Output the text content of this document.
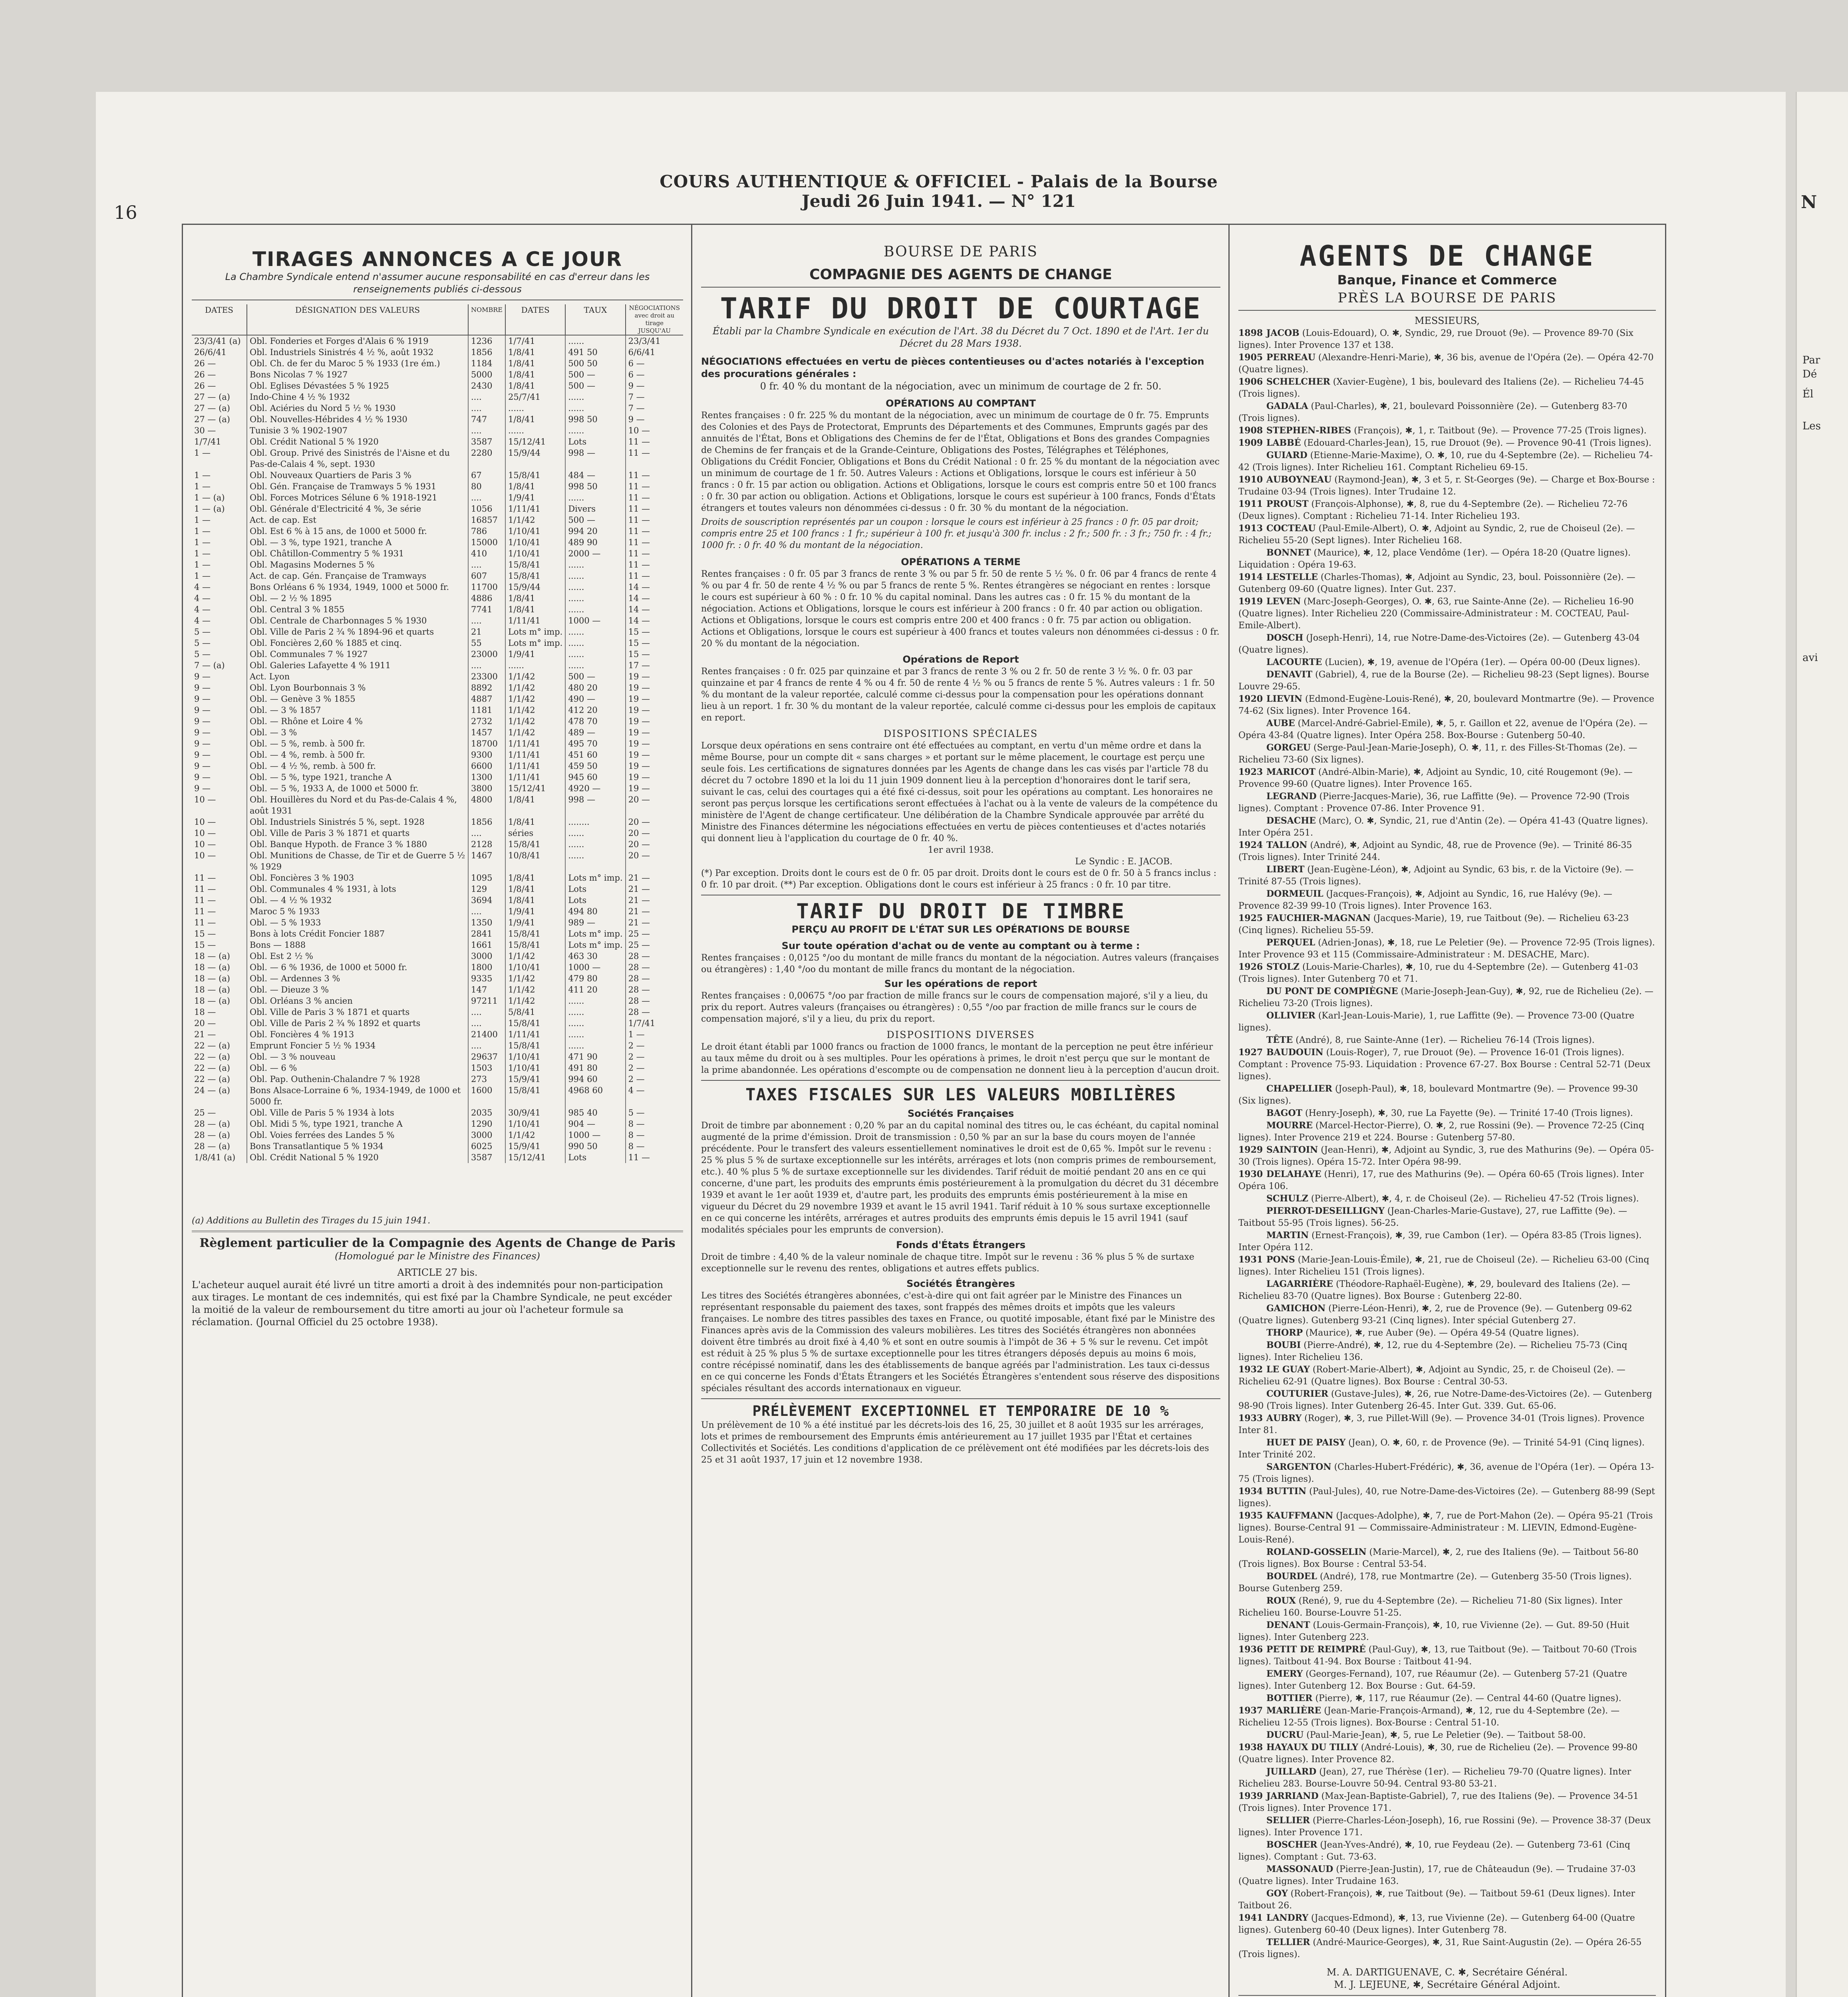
N
Par
Dé
Él
Les
avi
16
COURS AUTHENTIQUE & OFFICIEL - Palais de la Bourse
Jeudi 26 Juin 1941. — N° 121
TIRAGES ANNONCES A CE JOUR
La Chambre Syndicale entend n'assumer aucune responsabilité en cas d'erreur dans les renseignements publiés ci-dessous
DATES	DÉSIGNATION DES VALEURS	NOMBRE	DATES	TAUX	NÉGOCIATIONS avec droit au tirage JUSQU'AU
23/3/41 (a)	Obl. Fonderies et Forges d'Alais 6 % 1919	1236	1/7/41	......	23/3/41
26/6/41	Obl. Industriels Sinistrés 4 ½ %, août 1932	1856	1/8/41	491 50	6/6/41
26 —	Obl. Ch. de fer du Maroc 5 % 1933 (1re ém.)	1184	1/8/41	500 50	6 —
26 —	Bons Nicolas 7 % 1927	5000	1/8/41	500 —	6 —
26 —	Obl. Eglises Dévastées 5 % 1925	2430	1/8/41	500 —	9 —
27 — (a)	Indo-Chine 4 ½ % 1932	....	25/7/41	......	7 —
27 — (a)	Obl. Aciéries du Nord 5 ½ % 1930	....	......	......	7 —
27 — (a)	Obl. Nouvelles-Hébrides 4 ½ % 1930	747	1/8/41	998 50	9 —
30 —	Tunisie 3 % 1902-1907	....	......	......	10 —
1/7/41	Obl. Crédit National 5 % 1920	3587	15/12/41	Lots	11 —
1 —	Obl. Group. Privé des Sinistrés de l'Aisne et du Pas-de-Calais 4 %, sept. 1930	2280	15/9/44	998 —	11 —
1 —	Obl. Nouveaux Quartiers de Paris 3 %	67	15/8/41	484 —	11 —
1 —	Obl. Gén. Française de Tramways 5 % 1931	80	1/8/41	998 50	11 —
1 — (a)	Obl. Forces Motrices Sélune 6 % 1918-1921	....	1/9/41	......	11 —
1 — (a)	Obl. Générale d'Electricité 4 %, 3e série	1056	1/11/41	Divers	11 —
1 —	Act. de cap. Est	16857	1/1/42	500 —	11 —
1 —	Obl. Est 6 % à 15 ans, de 1000 et 5000 fr.	786	1/10/41	994 20	11 —
1 —	Obl. — 3 %, type 1921, tranche A	15000	1/10/41	489 90	11 —
1 —	Obl. Châtillon-Commentry 5 % 1931	410	1/10/41	2000 —	11 —
1 —	Obl. Magasins Modernes 5 %	....	15/8/41	......	11 —
1 —	Act. de cap. Gén. Française de Tramways	607	15/8/41	......	11 —
4 —	Bons Orléans 6 % 1934, 1949, 1000 et 5000 fr.	11700	15/9/44	......	14 —
4 —	Obl. — 2 ½ % 1895	4886	1/8/41	......	14 —
4 —	Obl. Central 3 % 1855	7741	1/8/41	......	14 —
4 —	Obl. Centrale de Charbonnages 5 % 1930	....	1/11/41	1000 —	14 —
5 —	Obl. Ville de Paris 2 ¾ % 1894-96 et quarts	21	Lots m° imp.	......	15 —
5 —	Obl. Foncières 2,60 % 1885 et cinq.	55	Lots m° imp.	......	15 —
5 —	Obl. Communales 7 % 1927	23000	1/9/41	......	15 —
7 — (a)	Obl. Galeries Lafayette 4 % 1911	....	......	......	17 —
9 —	Act. Lyon	23300	1/1/42	500 —	19 —
9 —	Obl. Lyon Bourbonnais 3 %	8892	1/1/42	480 20	19 —
9 —	Obl. — Genève 3 % 1855	4887	1/1/42	490 —	19 —
9 —	Obl. — 3 % 1857	1181	1/1/42	412 20	19 —
9 —	Obl. — Rhône et Loire 4 %	2732	1/1/42	478 70	19 —
9 —	Obl. — 3 %	1457	1/1/42	489 —	19 —
9 —	Obl. — 5 %, remb. à 500 fr.	18700	1/11/41	495 70	19 —
9 —	Obl. — 4 %, remb. à 500 fr.	9300	1/11/41	451 60	19 —
9 —	Obl. — 4 ½ %, remb. à 500 fr.	6600	1/11/41	459 50	19 —
9 —	Obl. — 5 %, type 1921, tranche A	1300	1/11/41	945 60	19 —
9 —	Obl. — 5 %, 1933 A, de 1000 et 5000 fr.	3800	15/12/41	4920 —	19 —
10 —	Obl. Houillères du Nord et du Pas-de-Calais 4 %, août 1931	4800	1/8/41	998 —	20 —
10 —	Obl. Industriels Sinistrés 5 %, sept. 1928	1856	1/8/41	........	20 —
10 —	Obl. Ville de Paris 3 % 1871 et quarts	....	séries	......	20 —
10 —	Obl. Banque Hypoth. de France 3 % 1880	2128	15/8/41	......	20 —
10 —	Obl. Munitions de Chasse, de Tir et de Guerre 5 ½ % 1929	1467	10/8/41	......	20 —
11 —	Obl. Foncières 3 % 1903	1095	1/8/41	Lots m° imp.	21 —
11 —	Obl. Communales 4 % 1931, à lots	129	1/8/41	Lots	21 —
11 —	Obl. — 4 ½ % 1932	3694	1/8/41	Lots	21 —
11 —	Maroc 5 % 1933	....	1/9/41	494 80	21 —
11 —	Obl. — 5 % 1933	1350	1/9/41	989 —	21 —
15 —	Bons à lots Crédit Foncier 1887	2841	15/8/41	Lots m° imp.	25 —
15 —	Bons — 1888	1661	15/8/41	Lots m° imp.	25 —
18 — (a)	Obl. Est 2 ½ %	3000	1/1/42	463 30	28 —
18 — (a)	Obl. — 6 % 1936, de 1000 et 5000 fr.	1800	1/10/41	1000 —	28 —
18 — (a)	Obl. — Ardennes 3 %	9335	1/1/42	479 80	28 —
18 — (a)	Obl. — Dieuze 3 %	147	1/1/42	411 20	28 —
18 — (a)	Obl. Orléans 3 % ancien	97211	1/1/42	......	28 —
18 —	Obl. Ville de Paris 3 % 1871 et quarts	....	5/8/41	......	28 —
20 —	Obl. Ville de Paris 2 ¾ % 1892 et quarts	....	15/8/41	......	1/7/41
21 —	Obl. Foncières 4 % 1913	21400	1/11/41	......	1 —
22 — (a)	Emprunt Foncier 5 ½ % 1934	....	15/8/41	......	2 —
22 — (a)	Obl. — 3 % nouveau	29637	1/10/41	471 90	2 —
22 — (a)	Obl. — 6 %	1503	1/10/41	491 80	2 —
22 — (a)	Obl. Pap. Outhenin-Chalandre 7 % 1928	273	15/9/41	994 60	2 —
24 — (a)	Bons Alsace-Lorraine 6 %, 1934-1949, de 1000 et 5000 fr.	1600	15/8/41	4968 60	4 —
25 —	Obl. Ville de Paris 5 % 1934 à lots	2035	30/9/41	985 40	5 —
28 — (a)	Obl. Midi 5 %, type 1921, tranche A	1290	1/10/41	904 —	8 —
28 — (a)	Obl. Voies ferrées des Landes 5 %	3000	1/1/42	1000 —	8 —
28 — (a)	Bons Transatlantique 5 % 1934	6025	15/9/41	990 50	8 —
1/8/41 (a)	Obl. Crédit National 5 % 1920	3587	15/12/41	Lots	11 —
(a) Additions au Bulletin des Tirages du 15 juin 1941.
Règlement particulier de la Compagnie des Agents de Change de Paris
(Homologué par le Ministre des Finances)
ARTICLE 27 bis.
L'acheteur auquel aurait été livré un titre amorti a droit à des indemnités pour non-participation aux tirages. Le montant de ces indemnités, qui est fixé par la Chambre Syndicale, ne peut excéder la moitié de la valeur de remboursement du titre amorti au jour où l'acheteur formule sa réclamation. (Journal Officiel du 25 octobre 1938).
BOURSE DE PARIS
COMPAGNIE DES AGENTS DE CHANGE
TARIF DU DROIT DE COURTAGE
Établi par la Chambre Syndicale en exécution de l'Art. 38 du Décret du 7 Oct. 1890 et de l'Art. 1er du Décret du 28 Mars 1938.
NÉGOCIATIONS effectuées en vertu de pièces contentieuses ou d'actes notariés à l'exception des procurations générales :
0 fr. 40 % du montant de la négociation, avec un minimum de courtage de 2 fr. 50.
OPÉRATIONS AU COMPTANT
Rentes françaises : 0 fr. 225 % du montant de la négociation, avec un minimum de courtage de 0 fr. 75. Emprunts des Colonies et des Pays de Protectorat, Emprunts des Départements et des Communes, Emprunts gagés par des annuités de l'État, Bons et Obligations des Chemins de fer de l'État, Obligations et Bons des grandes Compagnies de Chemins de fer français et de la Grande-Ceinture, Obligations des Postes, Télégraphes et Téléphones, Obligations du Crédit Foncier, Obligations et Bons du Crédit National : 0 fr. 25 % du montant de la négociation avec un minimum de courtage de 1 fr. 50. Autres Valeurs : Actions et Obligations, lorsque le cours est inférieur à 50 francs : 0 fr. 15 par action ou obligation. Actions et Obligations, lorsque le cours est compris entre 50 et 100 francs : 0 fr. 30 par action ou obligation. Actions et Obligations, lorsque le cours est supérieur à 100 francs, Fonds d'États étrangers et toutes valeurs non dénommées ci-dessus : 0 fr. 30 % du montant de la négociation.
Droits de souscription représentés par un coupon : lorsque le cours est inférieur à 25 francs : 0 fr. 05 par droit; compris entre 25 et 100 francs : 1 fr.; supérieur à 100 fr. et jusqu'à 300 fr. inclus : 2 fr.; 500 fr. : 3 fr.; 750 fr. : 4 fr.; 1000 fr. : 0 fr. 40 % du montant de la négociation.
OPÉRATIONS A TERME
Rentes françaises : 0 fr. 05 par 3 francs de rente 3 % ou par 5 fr. 50 de rente 5 ½ %. 0 fr. 06 par 4 francs de rente 4 % ou par 4 fr. 50 de rente 4 ½ % ou par 5 francs de rente 5 %. Rentes étrangères se négociant en rentes : lorsque le cours est supérieur à 60 % : 0 fr. 10 % du capital nominal. Dans les autres cas : 0 fr. 15 % du montant de la négociation. Actions et Obligations, lorsque le cours est inférieur à 200 francs : 0 fr. 40 par action ou obligation. Actions et Obligations, lorsque le cours est compris entre 200 et 400 francs : 0 fr. 75 par action ou obligation. Actions et Obligations, lorsque le cours est supérieur à 400 francs et toutes valeurs non dénommées ci-dessus : 0 fr. 20 % du montant de la négociation.
Opérations de Report
Rentes françaises : 0 fr. 025 par quinzaine et par 3 francs de rente 3 % ou 2 fr. 50 de rente 3 ½ %. 0 fr. 03 par quinzaine et par 4 francs de rente 4 % ou 4 fr. 50 de rente 4 ½ % ou 5 francs de rente 5 %. Autres valeurs : 1 fr. 50 % du montant de la valeur reportée, calculé comme ci-dessus pour la compensation pour les opérations donnant lieu à un report. 1 fr. 30 % du montant de la valeur reportée, calculé comme ci-dessus pour les emplois de capitaux en report.
DISPOSITIONS SPÉCIALES
Lorsque deux opérations en sens contraire ont été effectuées au comptant, en vertu d'un même ordre et dans la même Bourse, pour un compte dit « sans charges » et portant sur le même placement, le courtage est perçu une seule fois. Les certifications de signatures données par les Agents de change dans les cas visés par l'article 78 du décret du 7 octobre 1890 et la loi du 11 juin 1909 donnent lieu à la perception d'honoraires dont le tarif sera, suivant le cas, celui des courtages qui a été fixé ci-dessus, soit pour les opérations au comptant. Les honoraires ne seront pas perçus lorsque les certifications seront effectuées à l'achat ou à la vente de valeurs de la compétence du ministère de l'Agent de change certificateur. Une délibération de la Chambre Syndicale approuvée par arrêté du Ministre des Finances détermine les négociations effectuées en vertu de pièces contentieuses et d'actes notariés qui donnent lieu à l'application du courtage de 0 fr. 40 %.
1er avril 1938.
Le Syndic : E. JACOB.
(*) Par exception. Droits dont le cours est de 0 fr. 05 par droit. Droits dont le cours est de 0 fr. 50 à 5 francs inclus : 0 fr. 10 par droit. (**) Par exception. Obligations dont le cours est inférieur à 25 francs : 0 fr. 10 par titre.
TARIF DU DROIT DE TIMBRE
PERÇU AU PROFIT DE L'ÉTAT SUR LES OPÉRATIONS DE BOURSE
Sur toute opération d'achat ou de vente au comptant ou à terme :
Rentes françaises : 0,0125 °/oo du montant de mille francs du montant de la négociation. Autres valeurs (françaises ou étrangères) : 1,40 °/oo du montant de mille francs du montant de la négociation.
Sur les opérations de report
Rentes françaises : 0,00675 °/oo par fraction de mille francs sur le cours de compensation majoré, s'il y a lieu, du prix du report. Autres valeurs (françaises ou étrangères) : 0,55 °/oo par fraction de mille francs sur le cours de compensation majoré, s'il y a lieu, du prix du report.
DISPOSITIONS DIVERSES
Le droit étant établi par 1000 francs ou fraction de 1000 francs, le montant de la perception ne peut être inférieur au taux même du droit ou à ses multiples. Pour les opérations à primes, le droit n'est perçu que sur le montant de la prime abandonnée. Les opérations d'escompte ou de compensation ne donnent lieu à la perception d'aucun droit.
TAXES FISCALES SUR LES VALEURS MOBILIÈRES
Sociétés Françaises
Droit de timbre par abonnement : 0,20 % par an du capital nominal des titres ou, le cas échéant, du capital nominal augmenté de la prime d'émission. Droit de transmission : 0,50 % par an sur la base du cours moyen de l'année précédente. Pour le transfert des valeurs essentiellement nominatives le droit est de 0,65 %. Impôt sur le revenu : 25 % plus 5 % de surtaxe exceptionnelle sur les intérêts, arrérages et lots (non compris primes de remboursement, etc.). 40 % plus 5 % de surtaxe exceptionnelle sur les dividendes. Tarif réduit de moitié pendant 20 ans en ce qui concerne, d'une part, les produits des emprunts émis postérieurement à la promulgation du décret du 31 décembre 1939 et avant le 1er août 1939 et, d'autre part, les produits des emprunts émis postérieurement à la mise en vigueur du Décret du 29 novembre 1939 et avant le 15 avril 1941. Tarif réduit à 10 % sous surtaxe exceptionnelle en ce qui concerne les intérêts, arrérages et autres produits des emprunts émis depuis le 15 avril 1941 (sauf modalités spéciales pour les emprunts de conversion).
Fonds d'États Étrangers
Droit de timbre : 4,40 % de la valeur nominale de chaque titre. Impôt sur le revenu : 36 % plus 5 % de surtaxe exceptionnelle sur le revenu des rentes, obligations et autres effets publics.
Sociétés Étrangères
Les titres des Sociétés étrangères abonnées, c'est-à-dire qui ont fait agréer par le Ministre des Finances un représentant responsable du paiement des taxes, sont frappés des mêmes droits et impôts que les valeurs françaises. Le nombre des titres passibles des taxes en France, ou quotité imposable, étant fixé par le Ministre des Finances après avis de la Commission des valeurs mobilières. Les titres des Sociétés étrangères non abonnées doivent être timbrés au droit fixé à 4,40 % et sont en outre soumis à l'impôt de 36 + 5 % sur le revenu. Cet impôt est réduit à 25 % plus 5 % de surtaxe exceptionnelle pour les titres étrangers déposés depuis au moins 6 mois, contre récépissé nominatif, dans les des établissements de banque agréés par l'administration. Les taux ci-dessus en ce qui concerne les Fonds d'États Étrangers et les Sociétés Étrangères s'entendent sous réserve des dispositions spéciales résultant des accords internationaux en vigueur.
PRÉLÈVEMENT EXCEPTIONNEL ET TEMPORAIRE DE 10 %
Un prélèvement de 10 % a été institué par les décrets-lois des 16, 25, 30 juillet et 8 août 1935 sur les arrérages, lots et primes de remboursement des Emprunts émis antérieurement au 17 juillet 1935 par l'État et certaines Collectivités et Sociétés. Les conditions d'application de ce prélèvement ont été modifiées par les décrets-lois des 25 et 31 août 1937, 17 juin et 12 novembre 1938.
AGENTS DE CHANGE
Banque, Finance et Commerce
PRÈS LA BOURSE DE PARIS
MESSIEURS,

1898 JACOB (Louis-Edouard), O. ✱, Syndic, 29, rue Drouot (9e). — Provence 89-70 (Six lignes). Inter Provence 137 et 138.

1905 PERREAU (Alexandre-Henri-Marie), ✱, 36 bis, avenue de l'Opéra (2e). — Opéra 42-70 (Quatre lignes).

1906 SCHELCHER (Xavier-Eugène), 1 bis, boulevard des Italiens (2e). — Richelieu 74-45 (Trois lignes).

GADALA (Paul-Charles), ✱, 21, boulevard Poissonnière (2e). — Gutenberg 83-70 (Trois lignes).

1908 STEPHEN-RIBES (François), ✱, 1, r. Taitbout (9e). — Provence 77-25 (Trois lignes).

1909 LABBÉ (Edouard-Charles-Jean), 15, rue Drouot (9e). — Provence 90-41 (Trois lignes).

GUIARD (Etienne-Marie-Maxime), O. ✱, 10, rue du 4-Septembre (2e). — Richelieu 74-42 (Trois lignes). Inter Richelieu 161. Comptant Richelieu 69-15.

1910 AUBOYNEAU (Raymond-Jean), ✱, 3 et 5, r. St-Georges (9e). — Charge et Box-Bourse : Trudaine 03-94 (Trois lignes). Inter Trudaine 12.

1911 PROUST (François-Alphonse), ✱, 8, rue du 4-Septembre (2e). — Richelieu 72-76 (Deux lignes). Comptant : Richelieu 71-14. Inter Richelieu 193.

1913 COCTEAU (Paul-Emile-Albert), O. ✱, Adjoint au Syndic, 2, rue de Choiseul (2e). — Richelieu 55-20 (Sept lignes). Inter Richelieu 168.

BONNET (Maurice), ✱, 12, place Vendôme (1er). — Opéra 18-20 (Quatre lignes). Liquidation : Opéra 19-63.

1914 LESTELLE (Charles-Thomas), ✱, Adjoint au Syndic, 23, boul. Poissonnière (2e). — Gutenberg 09-60 (Quatre lignes). Inter Gut. 237.

1919 LEVEN (Marc-Joseph-Georges), O. ✱, 63, rue Sainte-Anne (2e). — Richelieu 16-90 (Quatre lignes). Inter Richelieu 220 (Commissaire-Administrateur : M. COCTEAU, Paul-Emile-Albert).

DOSCH (Joseph-Henri), 14, rue Notre-Dame-des-Victoires (2e). — Gutenberg 43-04 (Quatre lignes).

LACOURTE (Lucien), ✱, 19, avenue de l'Opéra (1er). — Opéra 00-00 (Deux lignes).

DENAVIT (Gabriel), 4, rue de la Bourse (2e). — Richelieu 98-23 (Sept lignes). Bourse Louvre 29-65.

1920 LIEVIN (Edmond-Eugène-Louis-René), ✱, 20, boulevard Montmartre (9e). — Provence 74-62 (Six lignes). Inter Provence 164.

AUBE (Marcel-André-Gabriel-Emile), ✱, 5, r. Gaillon et 22, avenue de l'Opéra (2e). — Opéra 43-84 (Quatre lignes). Inter Opéra 258. Box-Bourse : Gutenberg 50-40.

GORGEU (Serge-Paul-Jean-Marie-Joseph), O. ✱, 11, r. des Filles-St-Thomas (2e). — Richelieu 73-60 (Six lignes).

1923 MARICOT (André-Albin-Marie), ✱, Adjoint au Syndic, 10, cité Rougemont (9e). — Provence 99-60 (Quatre lignes). Inter Provence 165.

LEGRAND (Pierre-Jacques-Marie), 36, rue Laffitte (9e). — Provence 72-90 (Trois lignes). Comptant : Provence 07-86. Inter Provence 91.

DESACHE (Marc), O. ✱, Syndic, 21, rue d'Antin (2e). — Opéra 41-43 (Quatre lignes). Inter Opéra 251.

1924 TALLON (André), ✱, Adjoint au Syndic, 48, rue de Provence (9e). — Trinité 86-35 (Trois lignes). Inter Trinité 244.

LIBERT (Jean-Eugène-Léon), ✱, Adjoint au Syndic, 63 bis, r. de la Victoire (9e). — Trinité 87-55 (Trois lignes).

DORMEUIL (Jacques-François), ✱, Adjoint au Syndic, 16, rue Halévy (9e). — Provence 82-39 99-10 (Trois lignes). Inter Provence 163.

1925 FAUCHIER-MAGNAN (Jacques-Marie), 19, rue Taitbout (9e). — Richelieu 63-23 (Cinq lignes). Richelieu 55-59.

PERQUEL (Adrien-Jonas), ✱, 18, rue Le Peletier (9e). — Provence 72-95 (Trois lignes). Inter Provence 93 et 115 (Commissaire-Administrateur : M. DESACHE, Marc).

1926 STOLZ (Louis-Marie-Charles), ✱, 10, rue du 4-Septembre (2e). — Gutenberg 41-03 (Trois lignes). Inter Gutenberg 70 et 71.

DU PONT DE COMPIÈGNE (Marie-Joseph-Jean-Guy), ✱, 92, rue de Richelieu (2e). — Richelieu 73-20 (Trois lignes).

OLLIVIER (Karl-Jean-Louis-Marie), 1, rue Laffitte (9e). — Provence 73-00 (Quatre lignes).

TÊTE (André), 8, rue Sainte-Anne (1er). — Richelieu 76-14 (Trois lignes).

1927 BAUDOUIN (Louis-Roger), 7, rue Drouot (9e). — Provence 16-01 (Trois lignes). Comptant : Provence 75-93. Liquidation : Provence 67-27. Box Bourse : Central 52-71 (Deux lignes).

CHAPELLIER (Joseph-Paul), ✱, 18, boulevard Montmartre (9e). — Provence 99-30 (Six lignes).

BAGOT (Henry-Joseph), ✱, 30, rue La Fayette (9e). — Trinité 17-40 (Trois lignes).

MOURRE (Marcel-Hector-Pierre), O. ✱, 2, rue Rossini (9e). — Provence 72-25 (Cinq lignes). Inter Provence 219 et 224. Bourse : Gutenberg 57-80.

1929 SAINTOIN (Jean-Henri), ✱, Adjoint au Syndic, 3, rue des Mathurins (9e). — Opéra 05-30 (Trois lignes). Opéra 15-72. Inter Opéra 98-99.

1930 DELAHAYE (Henri), 17, rue des Mathurins (9e). — Opéra 60-65 (Trois lignes). Inter Opéra 106.

SCHULZ (Pierre-Albert), ✱, 4, r. de Choiseul (2e). — Richelieu 47-52 (Trois lignes).

PIERROT-DESEILLIGNY (Jean-Charles-Marie-Gustave), 27, rue Laffitte (9e). — Taitbout 55-95 (Trois lignes). 56-25.

MARTIN (Ernest-François), ✱, 39, rue Cambon (1er). — Opéra 83-85 (Trois lignes). Inter Opéra 112.

1931 PONS (Marie-Jean-Louis-Émile), ✱, 21, rue de Choiseul (2e). — Richelieu 63-00 (Cinq lignes). Inter Richelieu 151 (Trois lignes).

LAGARRIÈRE (Théodore-Raphaël-Eugène), ✱, 29, boulevard des Italiens (2e). — Richelieu 83-70 (Quatre lignes). Box Bourse : Gutenberg 22-80.

GAMICHON (Pierre-Léon-Henri), ✱, 2, rue de Provence (9e). — Gutenberg 09-62 (Quatre lignes). Gutenberg 93-21 (Cinq lignes). Inter spécial Gutenberg 27.

THORP (Maurice), ✱, rue Auber (9e). — Opéra 49-54 (Quatre lignes).

BOUBI (Pierre-André), ✱, 12, rue du 4-Septembre (2e). — Richelieu 75-73 (Cinq lignes). Inter Richelieu 136.

1932 LE GUAY (Robert-Marie-Albert), ✱, Adjoint au Syndic, 25, r. de Choiseul (2e). — Richelieu 62-91 (Quatre lignes). Box Bourse : Central 30-53.

COUTURIER (Gustave-Jules), ✱, 26, rue Notre-Dame-des-Victoires (2e). — Gutenberg 98-90 (Trois lignes). Inter Gutenberg 26-45. Inter Gut. 339. Gut. 65-06.

1933 AUBRY (Roger), ✱, 3, rue Pillet-Will (9e). — Provence 34-01 (Trois lignes). Provence Inter 81.

HUET DE PAISY (Jean), O. ✱, 60, r. de Provence (9e). — Trinité 54-91 (Cinq lignes). Inter Trinité 202.

SARGENTON (Charles-Hubert-Frédéric), ✱, 36, avenue de l'Opéra (1er). — Opéra 13-75 (Trois lignes).

1934 BUTTIN (Paul-Jules), 40, rue Notre-Dame-des-Victoires (2e). — Gutenberg 88-99 (Sept lignes).

1935 KAUFFMANN (Jacques-Adolphe), ✱, 7, rue de Port-Mahon (2e). — Opéra 95-21 (Trois lignes). Bourse-Central 91 — Commissaire-Administrateur : M. LIEVIN, Edmond-Eugène-Louis-René).

ROLAND-GOSSELIN (Marie-Marcel), ✱, 2, rue des Italiens (9e). — Taitbout 56-80 (Trois lignes). Box Bourse : Central 53-54.

BOURDEL (André), 178, rue Montmartre (2e). — Gutenberg 35-50 (Trois lignes). Bourse Gutenberg 259.

ROUX (René), 9, rue du 4-Septembre (2e). — Richelieu 71-80 (Six lignes). Inter Richelieu 160. Bourse-Louvre 51-25.

DENANT (Louis-Germain-François), ✱, 10, rue Vivienne (2e). — Gut. 89-50 (Huit lignes). Inter Gutenberg 223.

1936 PETIT DE REIMPRÉ (Paul-Guy), ✱, 13, rue Taitbout (9e). — Taitbout 70-60 (Trois lignes). Taitbout 41-94. Box Bourse : Taitbout 41-94.

EMERY (Georges-Fernand), 107, rue Réaumur (2e). — Gutenberg 57-21 (Quatre lignes). Inter Gutenberg 12. Box Bourse : Gut. 64-59.

BOTTIER (Pierre), ✱, 117, rue Réaumur (2e). — Central 44-60 (Quatre lignes).

1937 MARLIÈRE (Jean-Marie-François-Armand), ✱, 12, rue du 4-Septembre (2e). — Richelieu 12-55 (Trois lignes). Box-Bourse : Central 51-10.

DUCRU (Paul-Marie-Jean), ✱, 5, rue Le Peletier (9e). — Taitbout 58-00.

1938 HAYAUX DU TILLY (André-Louis), ✱, 30, rue de Richelieu (2e). — Provence 99-80 (Quatre lignes). Inter Provence 82.

JUILLARD (Jean), 27, rue Thérèse (1er). — Richelieu 79-70 (Quatre lignes). Inter Richelieu 283. Bourse-Louvre 50-94. Central 93-80 53-21.

1939 JARRIAND (Max-Jean-Baptiste-Gabriel), 7, rue des Italiens (9e). — Provence 34-51 (Trois lignes). Inter Provence 171.

SELLIER (Pierre-Charles-Léon-Joseph), 16, rue Rossini (9e). — Provence 38-37 (Deux lignes). Inter Provence 171.

BOSCHER (Jean-Yves-André), ✱, 10, rue Feydeau (2e). — Gutenberg 73-61 (Cinq lignes). Comptant : Gut. 73-63.

MASSONAUD (Pierre-Jean-Justin), 17, rue de Châteaudun (9e). — Trudaine 37-03 (Quatre lignes). Inter Trudaine 163.

GOY (Robert-François), ✱, rue Taitbout (9e). — Taitbout 59-61 (Deux lignes). Inter Taitbout 26.

1941 LANDRY (Jacques-Edmond), ✱, 13, rue Vivienne (2e). — Gutenberg 64-00 (Quatre lignes). Gutenberg 60-40 (Deux lignes). Inter Gutenberg 78.

TELLIER (André-Maurice-Georges), ✱, 31, Rue Saint-Augustin (2e). — Opéra 26-55 (Trois lignes).

M. A. DARTIGUENAVE, C. ✱, Secrétaire Général.
M. J. LEJEUNE, ✱, Secrétaire Général Adjoint.
